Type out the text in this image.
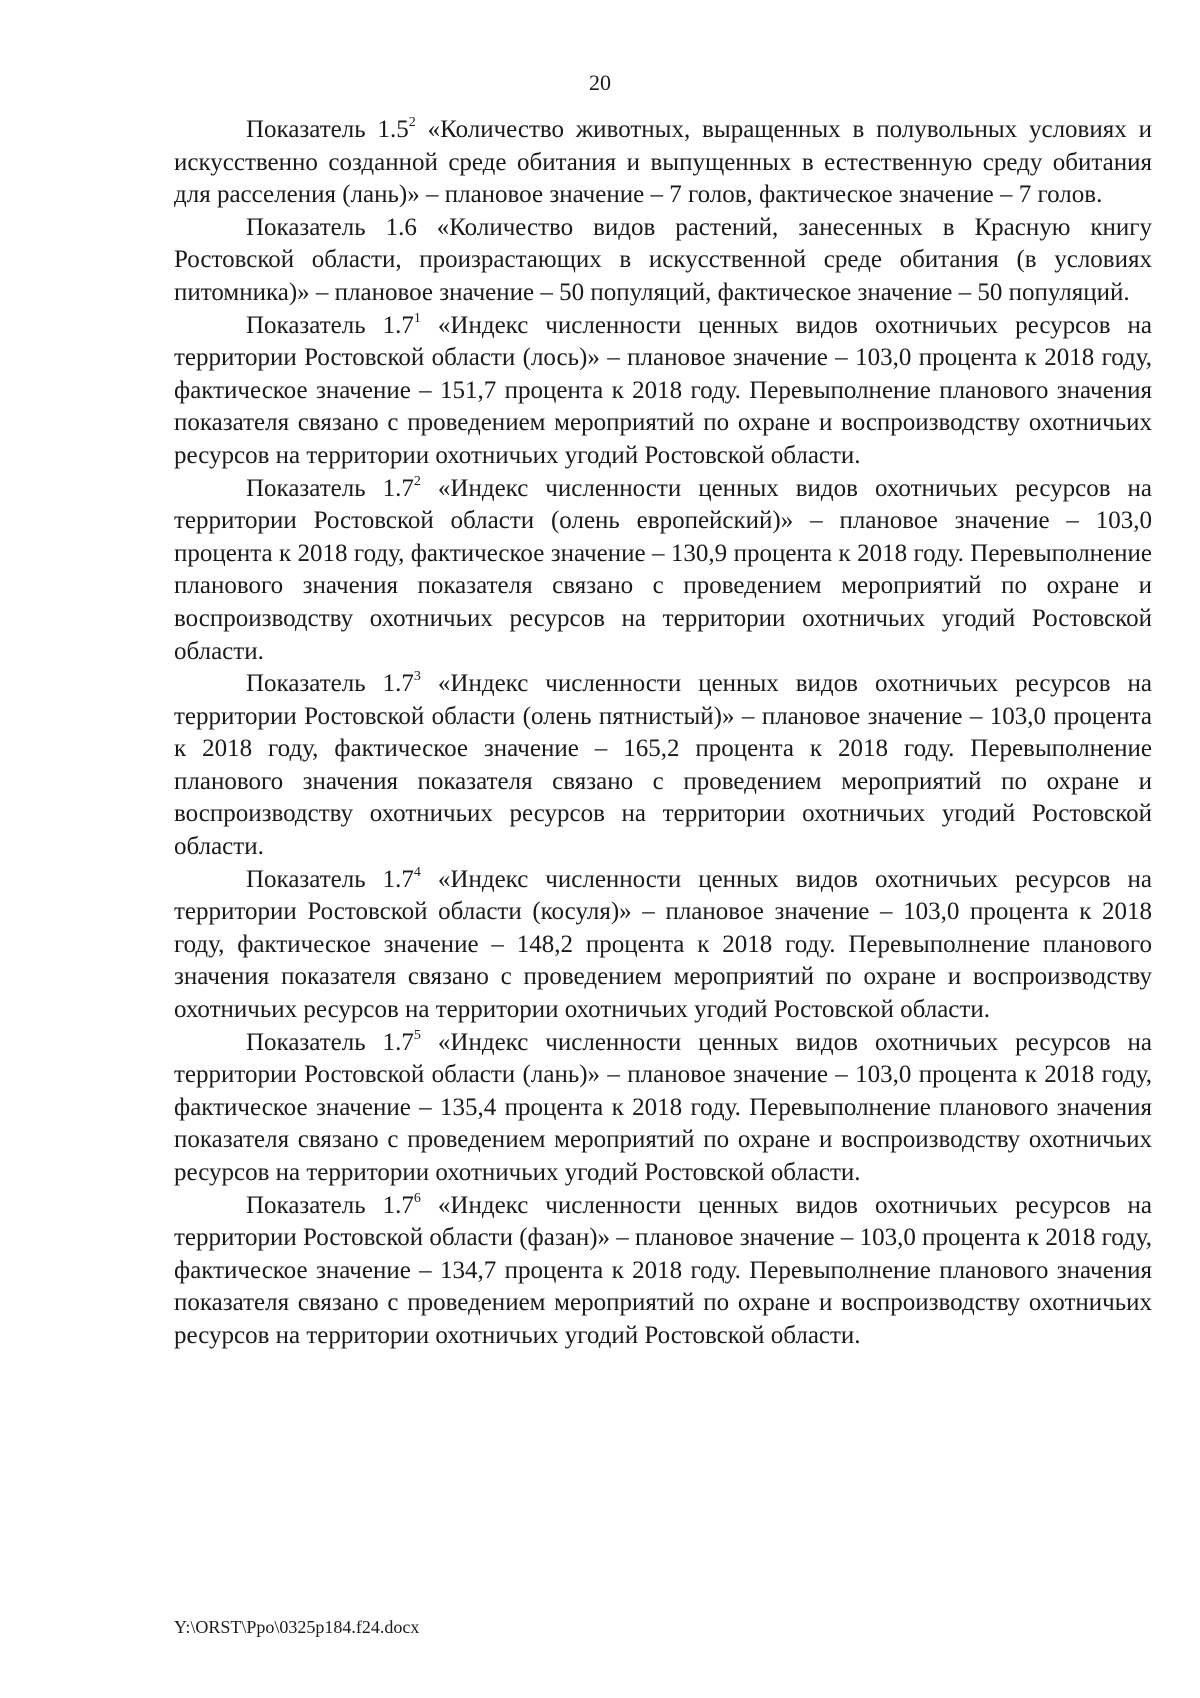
20

Показатель $1.5^2$ «Количество животных, выращенных в полувольных условиях и искусственно созданной среде обитания и выпущенных в естественную среду обитания для расселения (лань)» – плановое значение – 7 голов, фактическое значение – 7 голов.

Показатель 1.6 «Количество видов растений, занесенных в Красную книгу Ростовской области, произрастающих в искусственной среде обитания (в условиях питомника)» – плановое значение – 50 популяций, фактическое значение – 50 популяций.

Показатель $1.7^1$ «Индекс численности ценных видов охотничьих ресурсов на территории Ростовской области (лось)» – плановое значение – 103,0 процента к 2018 году, фактическое значение – 151,7 процента к 2018 году. Перевыполнение планового значения показателя связано с проведением мероприятий по охране и воспроизводству охотничьих ресурсов на территории охотничьих угодий Ростовской области.

Показатель $1.7^2$ «Индекс численности ценных видов охотничьих ресурсов на территории Ростовской области (олень европейский)» – плановое значение – 103,0 процента к 2018 году, фактическое значение – 130,9 процента к 2018 году. Перевыполнение планового значения показателя связано с проведением мероприятий по охране и воспроизводству охотничьих ресурсов на территории охотничьих угодий Ростовской области.

Показатель $1.7^3$ «Индекс численности ценных видов охотничьих ресурсов на территории Ростовской области (олень пятнистый)» – плановое значение – 103,0 процента к 2018 году, фактическое значение – 165,2 процента к 2018 году. Перевыполнение планового значения показателя связано с проведением мероприятий по охране и воспроизводству охотничьих ресурсов на территории охотничьих угодий Ростовской области.

Показатель $1.7^4$ «Индекс численности ценных видов охотничьих ресурсов на территории Ростовской области (косуля)» – плановое значение – 103,0 процента к 2018 году, фактическое значение – 148,2 процента к 2018 году. Перевыполнение планового значения показателя связано с проведением мероприятий по охране и воспроизводству охотничьих ресурсов на территории охотничьих угодий Ростовской области.

Показатель $1.7^5$ «Индекс численности ценных видов охотничьих ресурсов на территории Ростовской области (лань)» – плановое значение – 103,0 процента к 2018 году, фактическое значение – 135,4 процента к 2018 году. Перевыполнение планового значения показателя связано с проведением мероприятий по охране и воспроизводству охотничьих ресурсов на территории охотничьих угодий Ростовской области.

Показатель $1.7^6$ «Индекс численности ценных видов охотничьих ресурсов на территории Ростовской области (фазан)» – плановое значение – 103,0 процента к 2018 году, фактическое значение – 134,7 процента к 2018 году. Перевыполнение планового значения показателя связано с проведением мероприятий по охране и воспроизводству охотничьих ресурсов на территории охотничьих угодий Ростовской области.

Y:\ORST\Ppo\0325p184.f24.docx
